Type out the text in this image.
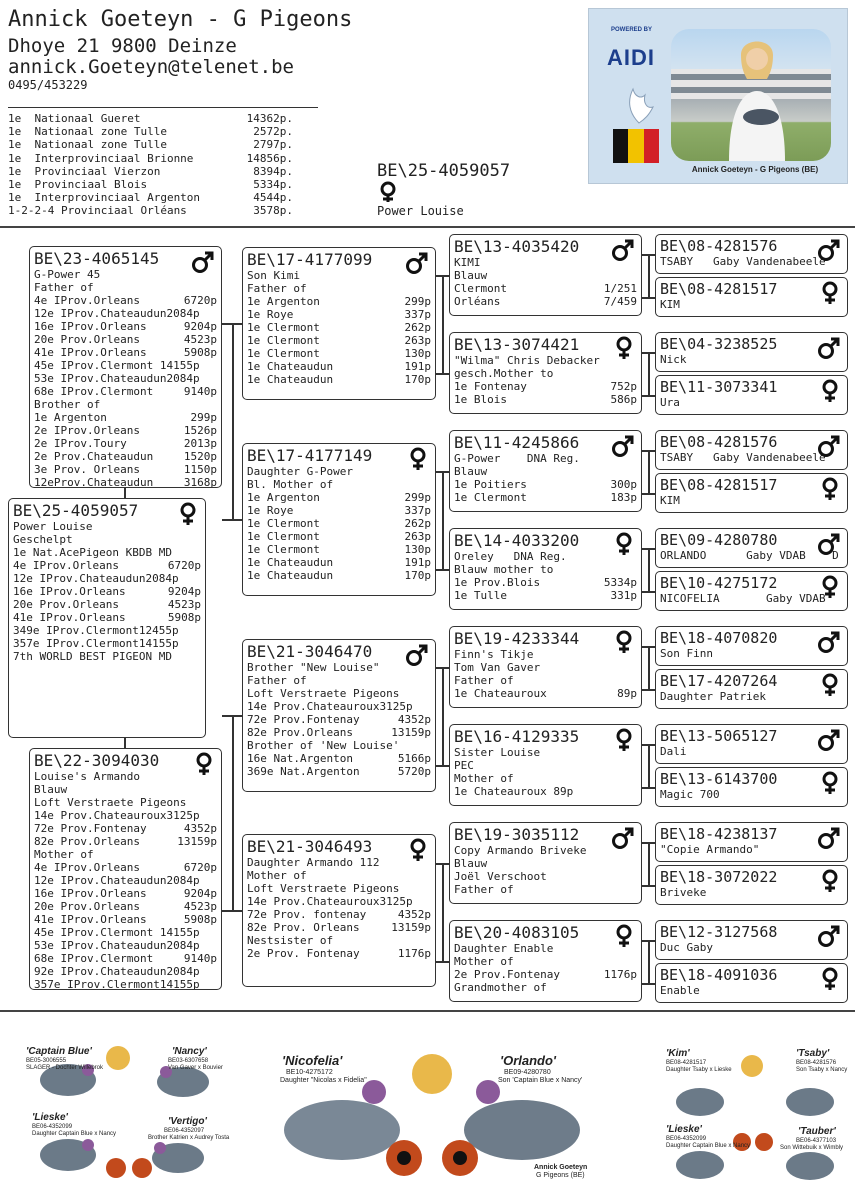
Annick Goeteyn - G Pigeons
Dhoye 21 9800 Deinze
annick.Goeteyn@telenet.be
0495/453229
1e  Nationaal Gueret	14362p.
1e  Nationaal zone Tulle	2572p.
1e  Nationaal zone Tulle	2797p.
1e  Interprovinciaal Brionne	14856p.
1e  Provinciaal Vierzon	8394p.
1e  Provinciaal Blois	5334p.
1e  Interprovinciaal Argenton	4544p.
1-2-2-4 Provinciaal Orléans	3578p.
BE\25-4059057
Power Louise
POWERED BY
AIDI
Annick Goeteyn - G Pigeons (BE)
BE\25-4059057
Power Louise
Geschelpt
1e Nat.AcePigeon KBDB MD
4e IProv.Orleans	6720p
12e IProv.Chateaudun2084p
16e IProv.Orleans	9204p
20e Prov.Orleans	4523p
41e IProv.Orleans	5908p
349e IProv.Clermont12455p
357e IProv.Clermont14155p
7th WORLD BEST PIGEON MD
BE\23-4065145
G-Power 45
Father of
4e IProv.Orleans	6720p
12e IProv.Chateaudun2084p
16e IProv.Orleans	9204p
20e Prov.Orleans	4523p
41e IProv.Orleans	5908p
45e IProv.Clermont 14155p
53e IProv.Chateaudun2084p
68e IProv.Clermont	9140p
Brother of
1e Argenton	299p
2e IProv.Orleans	1526p
2e IProv.Toury	2013p
2e Prov.Chateaudun	1520p
3e Prov. Orleans	1150p
12eProv.Chateaudun	3168p
BE\22-3094030
Louise's Armando
Blauw
Loft Verstraete Pigeons
14e Prov.Chateauroux3125p
72e Prov.Fontenay	4352p
82e Prov.Orleans	13159p
Mother of
4e IProv.Orleans	6720p
12e IProv.Chateaudun2084p
16e IProv.Orleans	9204p
20e Prov.Orleans	4523p
41e IProv.Orleans	5908p
45e IProv.Clermont 14155p
53e IProv.Chateaudun2084p
68e IProv.Clermont	9140p
92e IProv.Chateaudun2084p
357e IProv.Clermont14155p
BE\17-4177099
Son Kimi
Father of
1e Argenton	299p
1e Roye	337p
1e Clermont	262p
1e Clermont	263p
1e Clermont	130p
1e Chateaudun	191p
1e Chateaudun	170p
BE\17-4177149
Daughter G-Power
Bl. Mother of
1e Argenton	299p
1e Roye	337p
1e Clermont	262p
1e Clermont	263p
1e Clermont	130p
1e Chateaudun	191p
1e Chateaudun	170p
BE\21-3046470
Brother "New Louise"
Father of
Loft Verstraete Pigeons
14e Prov.Chateauroux3125p
72e Prov.Fontenay	4352p
82e Prov.Orleans	13159p
Brother of 'New Louise'
16e Nat.Argenton	5166p
369e Nat.Argenton	5720p
BE\21-3046493
Daughter Armando 112
Mother of
Loft Verstraete Pigeons
14e Prov.Chateauroux3125p
72e Prov. fontenay	4352p
82e Prov. Orleans	13159p
Nestsister of
2e Prov. Fontenay	1176p
BE\13-4035420
KIMI
Blauw
Clermont	1/251
Orléans	7/459
BE\13-3074421
"Wilma" Chris Debacker
gesch.Mother to
1e Fontenay	752p
1e Blois	586p
BE\11-4245866
G-Power    DNA Reg.
Blauw
1e Poitiers	300p
1e Clermont	183p
BE\14-4033200
Oreley   DNA Reg.
Blauw mother to
1e Prov.Blois	5334p
1e Tulle	331p
BE\19-4233344
Finn's Tikje
Tom Van Gaver
Father of
1e Chateauroux	89p
BE\16-4129335
Sister Louise
PEC
Mother of
1e Chateauroux 89p
BE\19-3035112
Copy Armando Briveke
Blauw
Joël Verschoot
Father of
BE\20-4083105
Daughter Enable
Mother of
2e Prov.Fontenay	1176p
Grandmother of
BE\08-4281576
TSABY   Gaby Vandenabeele
BE\08-4281517
KIM
BE\04-3238525
Nick
BE\11-3073341
Ura
BE\08-4281576
TSABY   Gaby Vandenabeele
BE\08-4281517
KIM
BE\09-4280780
ORLANDO      Gaby VDAB    D
BE\10-4275172
NICOFELIA       Gaby VDAB
BE\18-4070820
Son Finn
BE\17-4207264
Daughter Patriek
BE\13-5065127
Dali
BE\13-6143700
Magic 700
BE\18-4238137
"Copie Armando"
BE\18-3072022
Briveke
BE\12-3127568
Duc Gaby
BE\18-4091036
Enable
'Captain Blue'
BE05-3006555
SLAGER - Dochter Willebrok
'Nancy'
BE03-6307658
Van Gaver x Bouvier
'Lieske'
BE06-4352099
Daughter Captain Blue x Nancy
'Vertigo'
BE06-4352097
Brother Katrien x Audrey Tosta
'Nicofelia'
BE10-4275172
Daughter "Nicolas x Fidelia"
'Orlando'
BE09-4280780
Son 'Captain Blue x Nancy'
Annick Goeteyn
G Pigeons (BE)
'Kim'
BE08-4281517
Daughter Tsaby x Lieske
'Tsaby'
BE08-4281576
Son Tsaby x Nancy
'Lieske'
BE06-4352099
Daughter Captain Blue x Nancy
'Tauber'
BE06-4377103
Son Wittebuik x Wimbly
